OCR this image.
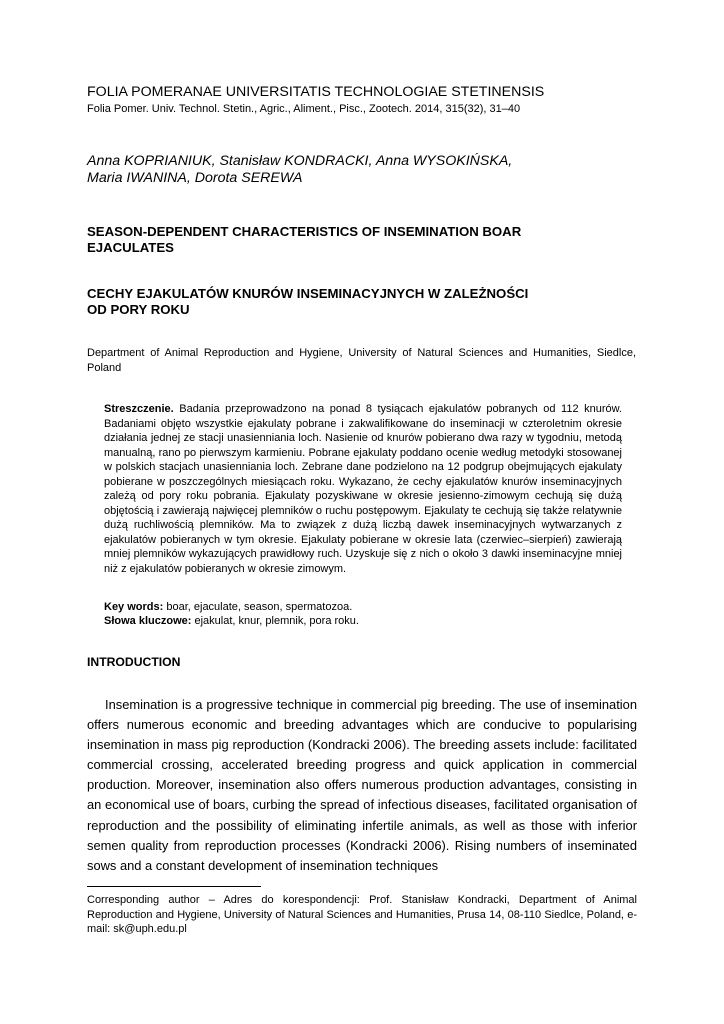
FOLIA POMERANAE UNIVERSITATIS TECHNOLOGIAE STETINENSIS
Folia Pomer. Univ. Technol. Stetin., Agric., Aliment., Pisc., Zootech. 2014, 315(32), 31–40
Anna KOPRIANIUK, Stanisław KONDRACKI, Anna WYSOKIŃSKA,
Maria IWANINA, Dorota SEREWA
SEASON-DEPENDENT CHARACTERISTICS OF INSEMINATION BOAR
EJACULATES
CECHY EJAKULATÓW KNURÓW INSEMINACYJNYCH W ZALEŻNOŚCI
OD PORY ROKU
Department of Animal Reproduction and Hygiene, University of Natural Sciences and Humanities, Siedlce, Poland
Streszczenie. Badania przeprowadzono na ponad 8 tysiącach ejakulatów pobranych od 112 knurów. Badaniami objęto wszystkie ejakulaty pobrane i zakwalifikowane do inseminacji w czteroletnim okresie działania jednej ze stacji unasienniania loch. Nasienie od knurów pobierano dwa razy w tygodniu, metodą manualną, rano po pierwszym karmieniu. Pobrane ejakulaty poddano ocenie według metodyki stosowanej w polskich stacjach unasienniania loch. Zebrane dane podzielono na 12 podgrup obejmujących ejakulaty pobierane w poszczególnych miesiącach roku. Wykazano, że cechy ejakulatów knurów inseminacyjnych zależą od pory roku pobrania. Ejakulaty pozyskiwane w okresie jesienno-zimowym cechują się dużą objętością i zawierają najwięcej plemników o ruchu postępowym. Ejakulaty te cechują się także relatywnie dużą ruchliwością plemników. Ma to związek z dużą liczbą dawek inseminacyjnych wytwarzanych z ejakulatów pobieranych w tym okresie. Ejakulaty pobierane w okresie lata (czerwiec–sierpień) zawierają mniej plemników wykazujących prawidłowy ruch. Uzyskuje się z nich o około 3 dawki inseminacyjne mniej niż z ejakulatów pobieranych w okresie zimowym.
Key words: boar, ejaculate, season, spermatozoa.
Słowa kluczowe: ejakulat, knur, plemnik, pora roku.
INTRODUCTION
Insemination is a progressive technique in commercial pig breeding. The use of insemination offers numerous economic and breeding advantages which are conducive to popularising insemination in mass pig reproduction (Kondracki 2006). The breeding assets include: facilitated commercial crossing, accelerated breeding progress and quick application in commercial production. Moreover, insemination also offers numerous production advantages, consisting in an economical use of boars, curbing the spread of infectious diseases, facilitated organisation of reproduction and the possibility of eliminating infertile animals, as well as those with inferior semen quality from reproduction processes (Kondracki 2006). Rising numbers of inseminated sows and a constant development of insemination techniques
Corresponding author – Adres do korespondencji: Prof. Stanisław Kondracki, Department of Animal Reproduction and Hygiene, University of Natural Sciences and Humanities, Prusa 14, 08-110 Siedlce, Poland, e-mail: sk@uph.edu.pl
